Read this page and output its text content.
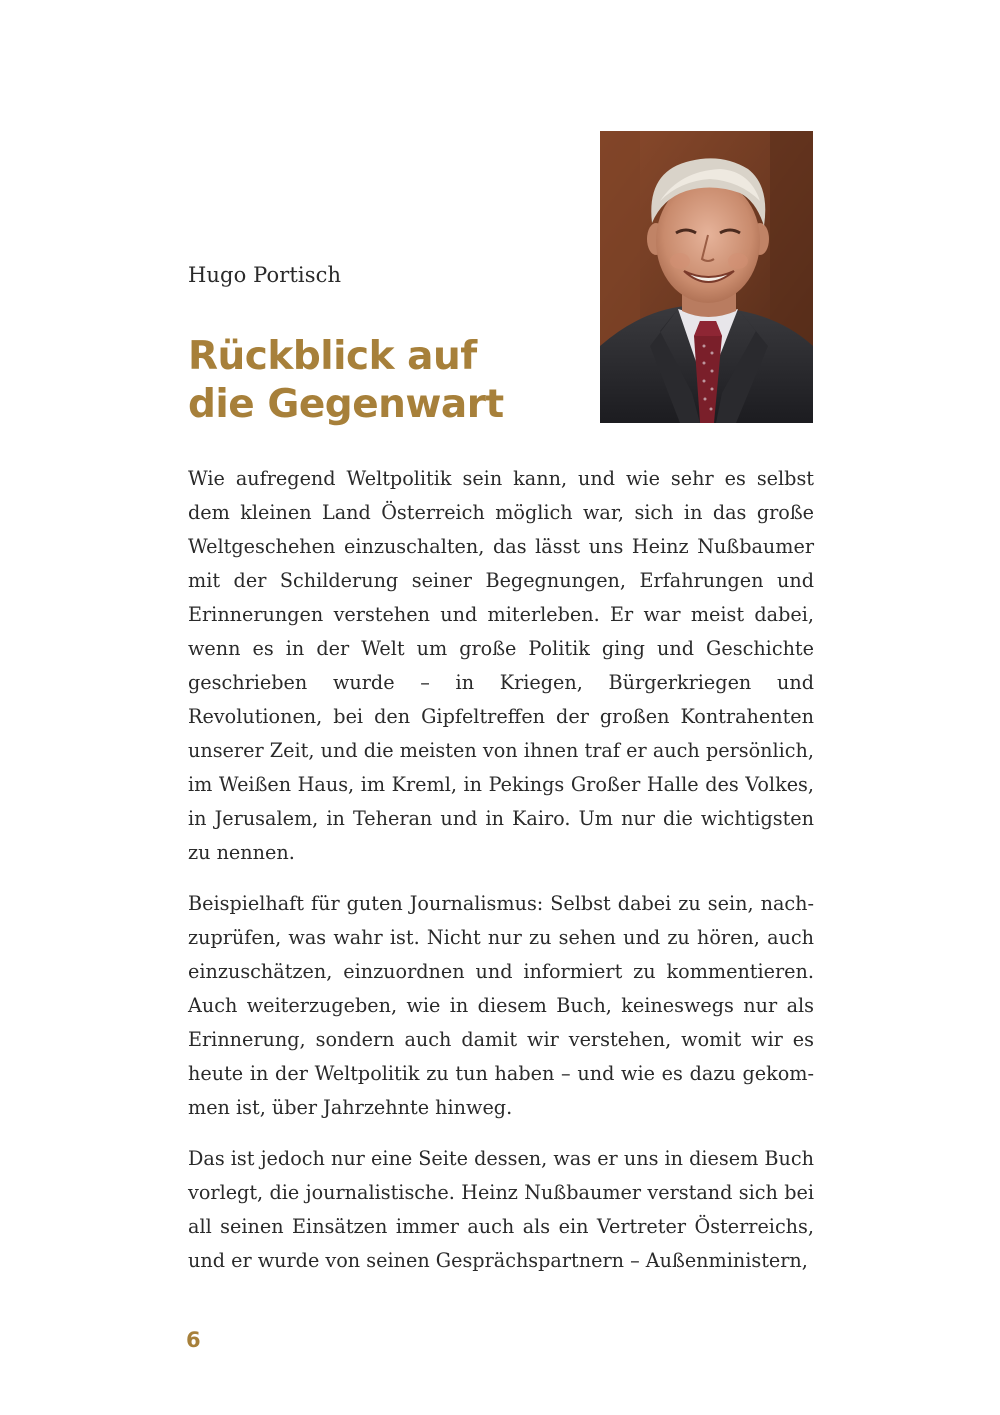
Hugo Portisch
Rückblick auf
die Gegenwart

Wie aufregend Weltpolitik sein kann, und wie sehr es selbst dem kleinen Land Österreich möglich war, sich in das große Weltgeschehen einzuschalten, das lässt uns Heinz Nußbaumer mit der Schilderung seiner Begegnungen, Erfahrungen und Erinnerungen verstehen und miterleben. Er war meist dabei, wenn es in der Welt um große Politik ging und Geschichte geschrieben wurde – in Kriegen, Bürgerkriegen und Revolutionen, bei den Gipfeltreffen der großen Kontrahenten unserer Zeit, und die meisten von ihnen traf er auch persönlich, im Weißen Haus, im Kreml, in Pekings Großer Halle des Volkes, in Jerusalem, in Teheran und in Kairo. Um nur die wichtigsten zu nennen.

Beispielhaft für guten Journalismus: Selbst dabei zu sein, nachzuprüfen, was wahr ist. Nicht nur zu sehen und zu hören, auch einzuschätzen, einzuordnen und informiert zu kommentieren. Auch weiterzugeben, wie in diesem Buch, keineswegs nur als Erinnerung, sondern auch damit wir verstehen, womit wir es heute in der Weltpolitik zu tun haben – und wie es dazu gekommen ist, über Jahrzehnte hinweg.

Das ist jedoch nur eine Seite dessen, was er uns in diesem Buch vorlegt, die journalistische. Heinz Nußbaumer verstand sich bei all seinen Einsätzen immer auch als ein Vertreter Österreichs, und er wurde von seinen Gesprächspartnern – Außenministern,

6
